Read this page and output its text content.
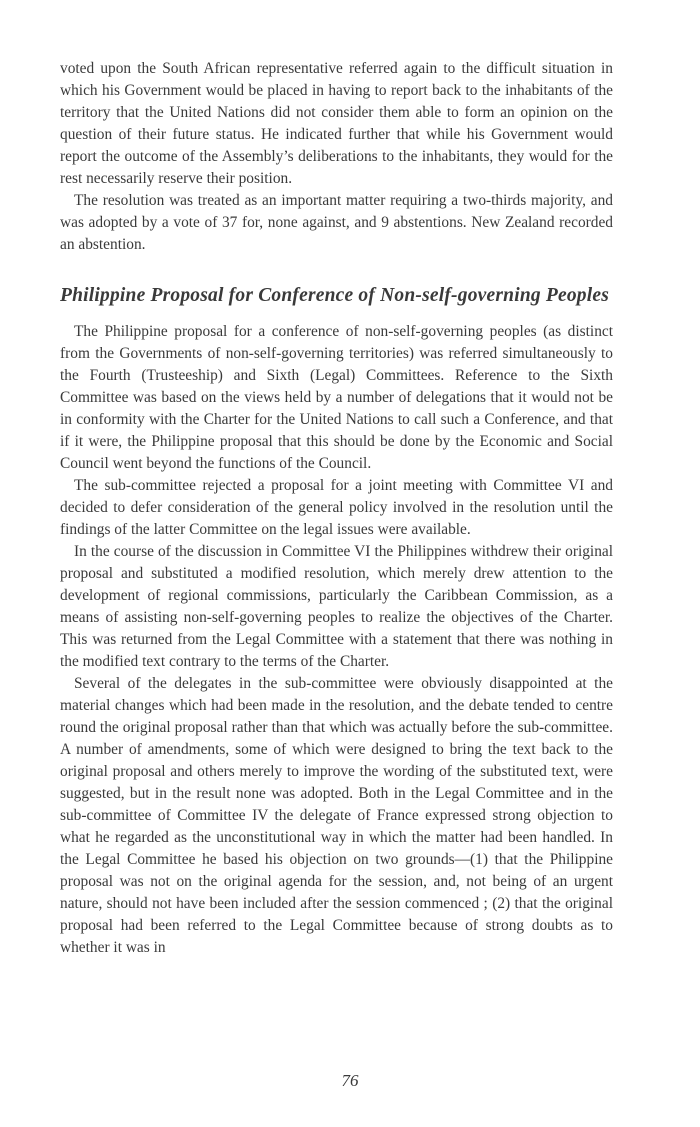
voted upon the South African representative referred again to the difficult situation in which his Government would be placed in having to report back to the inhabitants of the territory that the United Nations did not consider them able to form an opinion on the question of their future status. He indicated further that while his Government would report the outcome of the Assembly’s deliberations to the inhabitants, they would for the rest necessarily reserve their position.

The resolution was treated as an important matter requiring a two-thirds majority, and was adopted by a vote of 37 for, none against, and 9 abstentions. New Zealand recorded an abstention.

Philippine Proposal for Conference of Non-self-governing Peoples

The Philippine proposal for a conference of non-self-governing peoples (as distinct from the Governments of non-self-governing territories) was referred simultaneously to the Fourth (Trusteeship) and Sixth (Legal) Committees. Reference to the Sixth Committee was based on the views held by a number of delegations that it would not be in conformity with the Charter for the United Nations to call such a Conference, and that if it were, the Philippine proposal that this should be done by the Economic and Social Council went beyond the functions of the Council.

The sub-committee rejected a proposal for a joint meeting with Committee VI and decided to defer consideration of the general policy involved in the resolution until the findings of the latter Committee on the legal issues were available.

In the course of the discussion in Committee VI the Philippines withdrew their original proposal and substituted a modified resolution, which merely drew attention to the development of regional commissions, particularly the Caribbean Commission, as a means of assisting non-self-governing peoples to realize the objectives of the Charter. This was returned from the Legal Committee with a statement that there was nothing in the modified text contrary to the terms of the Charter.

Several of the delegates in the sub-committee were obviously disappointed at the material changes which had been made in the resolution, and the debate tended to centre round the original proposal rather than that which was actually before the sub-committee. A number of amendments, some of which were designed to bring the text back to the original proposal and others merely to improve the wording of the substituted text, were suggested, but in the result none was adopted. Both in the Legal Committee and in the sub-committee of Committee IV the delegate of France expressed strong objection to what he regarded as the unconstitutional way in which the matter had been handled. In the Legal Committee he based his objection on two grounds—(1) that the Philippine proposal was not on the original agenda for the session, and, not being of an urgent nature, should not have been included after the session commenced ; (2) that the original proposal had been referred to the Legal Committee because of strong doubts as to whether it was in

76
